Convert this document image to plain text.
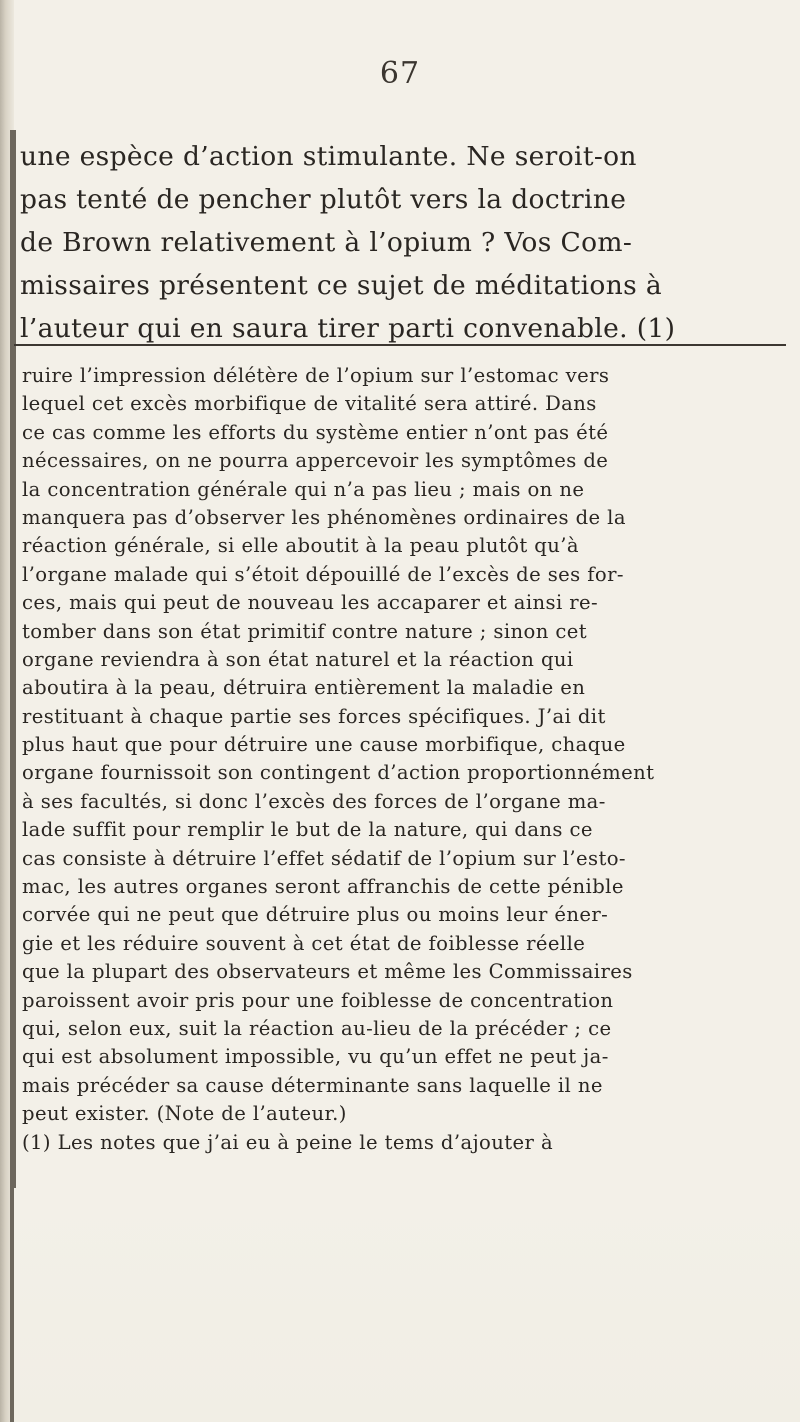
67
une espèce d’action stimulante. Ne seroit-on
pas tenté de pencher plutôt vers la doctrine
de Brown relativement à l’opium ? Vos Com-
missaires présentent ce sujet de méditations à
l’auteur qui en saura tirer parti convenable. (1)
ruire l’impression délétère de l’opium sur l’estomac vers
lequel cet excès morbifique de vitalité sera attiré. Dans
ce cas comme les efforts du système entier n’ont pas été
nécessaires, on ne pourra appercevoir les symptômes de
la concentration générale qui n’a pas lieu ; mais on ne
manquera pas d’observer les phénomènes ordinaires de la
réaction générale, si elle aboutit à la peau plutôt qu’à
l’organe malade qui s’étoit dépouillé de l’excès de ses for-
ces, mais qui peut de nouveau les accaparer et ainsi re-
tomber dans son état primitif contre nature ; sinon cet
organe reviendra à son état naturel et la réaction qui
aboutira à la peau, détruira entièrement la maladie en
restituant à chaque partie ses forces spécifiques. J’ai dit
plus haut que pour détruire une cause morbifique, chaque
organe fournissoit son contingent d’action proportionnément
à ses facultés, si donc l’excès des forces de l’organe ma-
lade suffit pour remplir le but de la nature, qui dans ce
cas consiste à détruire l’effet sédatif de l’opium sur l’esto-
mac, les autres organes seront affranchis de cette pénible
corvée qui ne peut que détruire plus ou moins leur éner-
gie et les réduire souvent à cet état de foiblesse réelle
que la plupart des observateurs et même les Commissaires
paroissent avoir pris pour une foiblesse de concentration
qui, selon eux, suit la réaction au-lieu de la précéder ; ce
qui est absolument impossible, vu qu’un effet ne peut ja-
mais précéder sa cause déterminante sans laquelle il ne
peut exister. (Note de l’auteur.)
(1) Les notes que j’ai eu à peine le tems d’ajouter à
